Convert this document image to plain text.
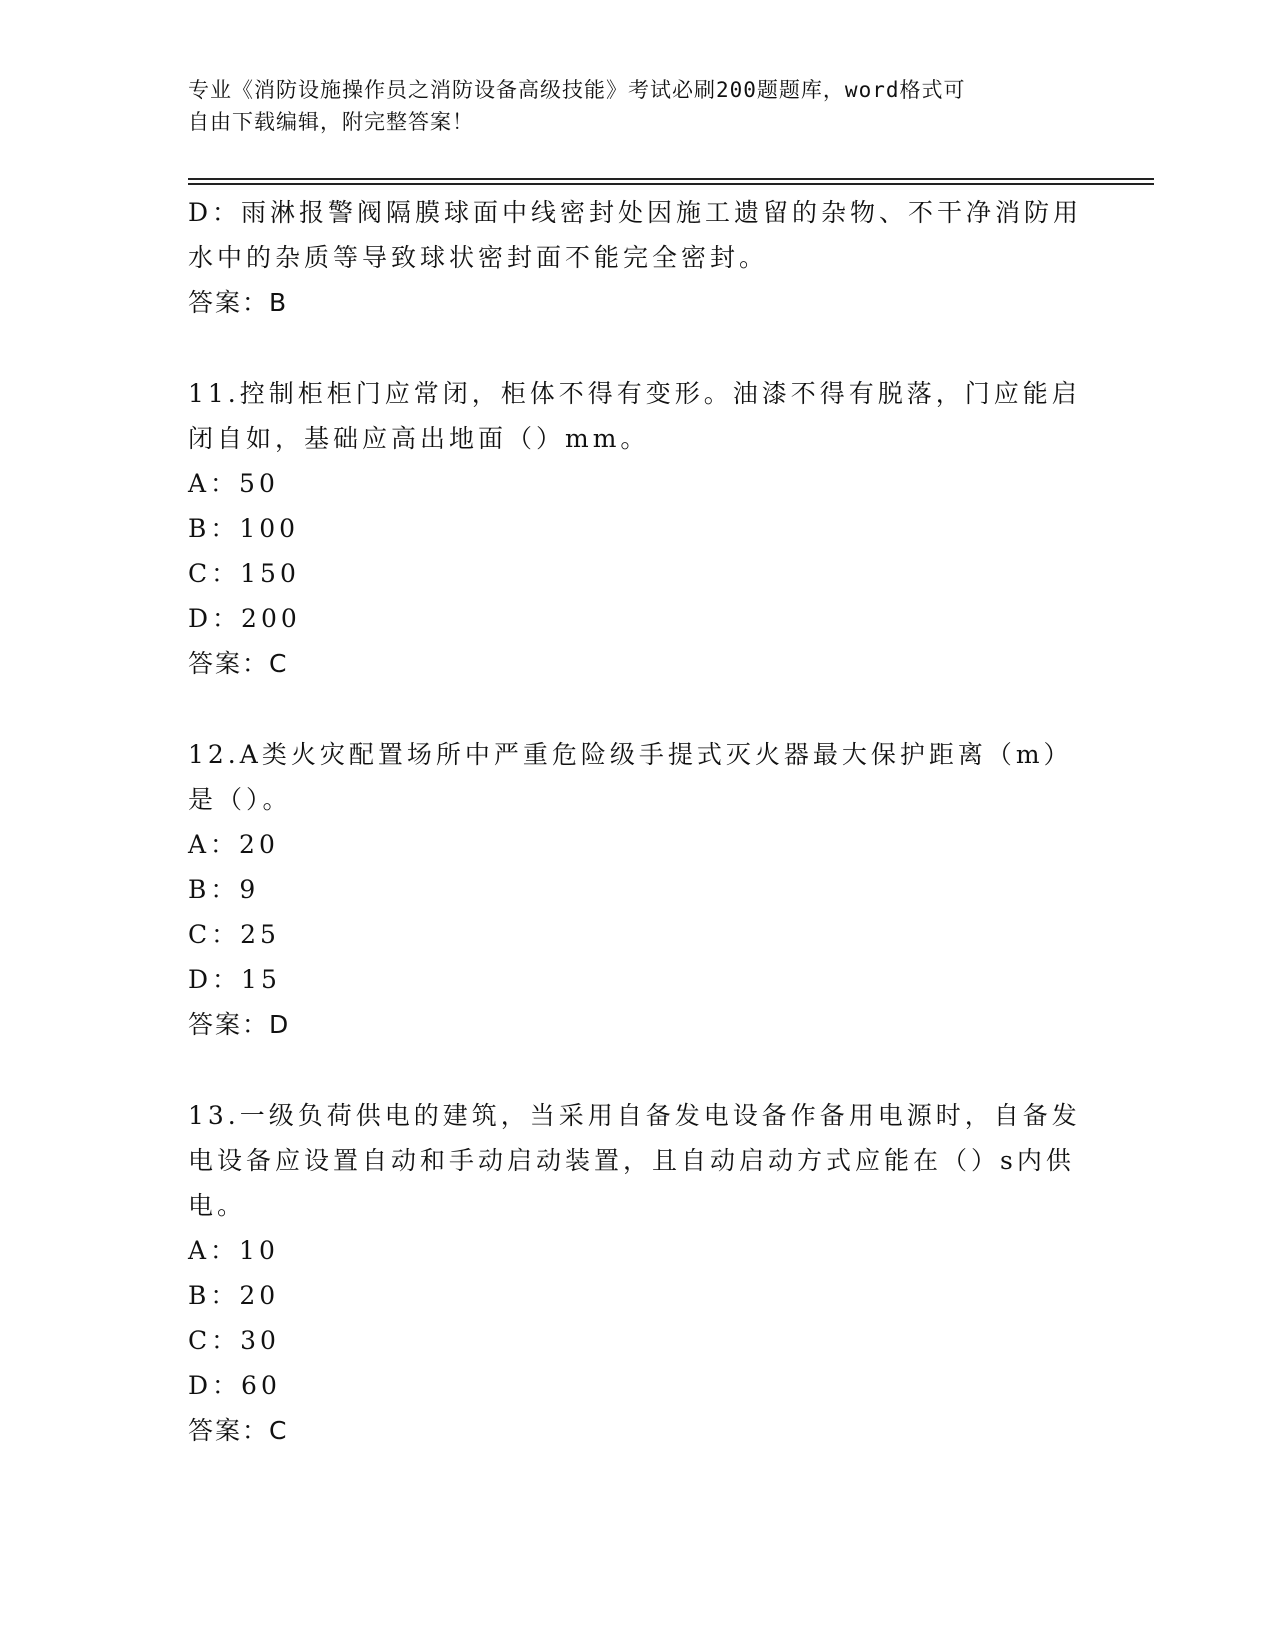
专业《消防设施操作员之消防设备高级技能》考试必刷200题题库，word格式可
自由下载编辑，附完整答案！

D：雨淋报警阀隔膜球面中线密封处因施工遗留的杂物、不干净消防用水中的杂质等导致球状密封面不能完全密封。

答案：B

11.控制柜柜门应常闭，柜体不得有变形。油漆不得有脱落，门应能启闭自如，基础应高出地面（）mm。

A：50

B：100

C：150

D：200

答案：C

12.A类火灾配置场所中严重危险级手提式灭火器最大保护距离（m）是（）。

A：20

B：9

C：25

D：15

答案：D

13.一级负荷供电的建筑，当采用自备发电设备作备用电源时，自备发电设备应设置自动和手动启动装置，且自动启动方式应能在（）s内供电。

A：10

B：20

C：30

D：60

答案：C
